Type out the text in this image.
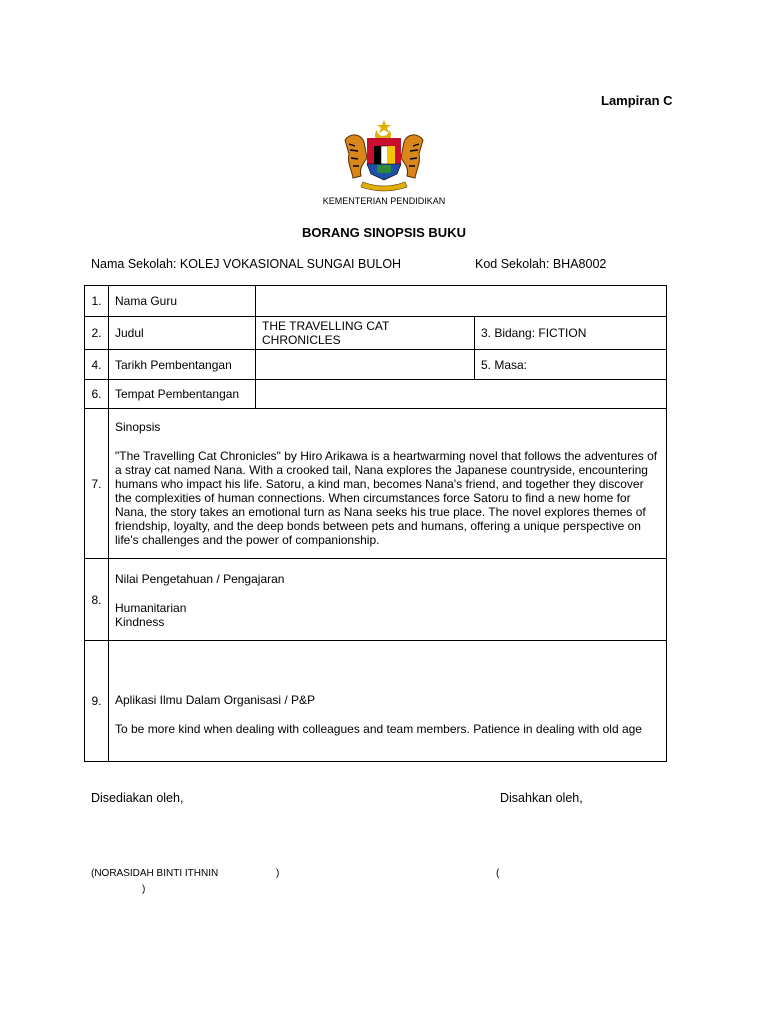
Lampiran C
KEMENTERIAN PENDIDIKAN
BORANG SINOPSIS BUKU
Nama Sekolah: KOLEJ VOKASIONAL SUNGAI BULOH	Kod Sekolah: BHA8002
1.	Nama Guru		
2.	Judul	THE TRAVELLING CAT
CHRONICLES	3. Bidang: FICTION
4.	Tarikh Pembentangan		5. Masa:
6.	Tempat Pembentangan		
7.	Sinopsis
"The Travelling Cat Chronicles" by Hiro Arikawa is a heartwarming novel that follows the adventures of a stray cat named Nana. With a crooked tail, Nana explores the Japanese countryside, encountering humans who impact his life. Satoru, a kind man, becomes Nana's friend, and together they discover the complexities of human connections. When circumstances force Satoru to find a new home for Nana, the story takes an emotional turn as Nana seeks his true place. The novel explores themes of friendship, loyalty, and the deep bonds between pets and humans, offering a unique perspective on life's challenges and the power of companionship.		

8.	Nilai Pengetahuan / Pengajaran
Humanitarian
Kindness		

9.	Aplikasi Ilmu Dalam Organisasi / P&P
To be more kind when dealing with colleagues and team members. Patience in dealing with old age		
Disediakan oleh,	Disahkan oleh,
(NORASIDAH BINTI ITHNIN	)
)
(
